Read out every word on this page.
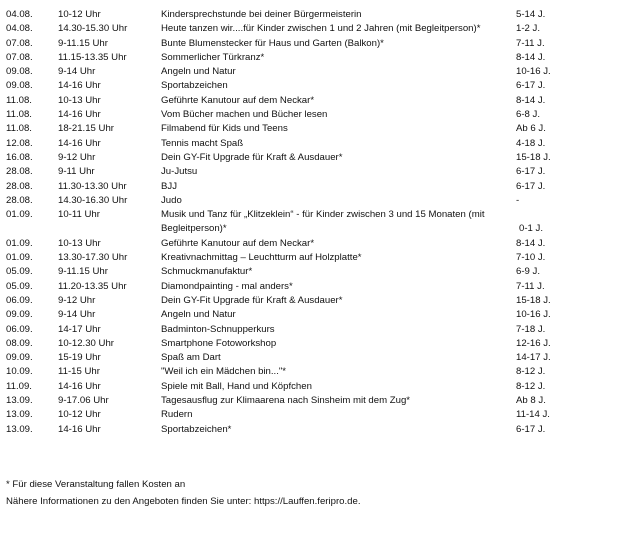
04.08.	10-12 Uhr	Kindersprechstunde bei deiner Bürgermeisterin	5-14 J.
04.08.	14.30-15.30 Uhr	Heute tanzen wir....für Kinder zwischen 1 und 2 Jahren (mit Begleitperson)*	1-2 J.
07.08.	9-11.15 Uhr	Bunte Blumenstecker für Haus und Garten (Balkon)*	7-11 J.
07.08.	11.15-13.35 Uhr	Sommerlicher Türkranz*	8-14 J.
09.08.	9-14 Uhr	Angeln und Natur	10-16 J.
09.08.	14-16 Uhr	Sportabzeichen	6-17 J.
11.08.	10-13 Uhr	Geführte Kanutour auf dem Neckar*	8-14 J.
11.08.	14-16 Uhr	Vom Bücher machen und Bücher lesen	6-8 J.
11.08.	18-21.15 Uhr	Filmabend für Kids und Teens	Ab 6 J.
12.08.	14-16 Uhr	Tennis macht Spaß	4-18 J.
16.08.	9-12 Uhr	Dein GY-Fit Upgrade für Kraft & Ausdauer*	15-18 J.
28.08.	9-11 Uhr	Ju-Jutsu	6-17 J.
28.08.	11.30-13.30 Uhr	BJJ	6-17 J.
28.08.	14.30-16.30 Uhr	Judo	-
01.09.	10-11 Uhr	Musik und Tanz für „Klitzeklein“ - für Kinder zwischen 3 und 15 Monaten (mit Begleitperson)*	0-1 J.
01.09.	10-13 Uhr	Geführte Kanutour auf dem Neckar*	8-14 J.
01.09.	13.30-17.30 Uhr	Kreativnachmittag – Leuchtturm auf Holzplatte*	7-10 J.
05.09.	9-11.15 Uhr	Schmuckmanufaktur*	6-9 J.
05.09.	11.20-13.35 Uhr	Diamondpainting - mal anders*	7-11 J.
06.09.	9-12 Uhr	Dein GY-Fit Upgrade für Kraft & Ausdauer*	15-18 J.
09.09.	9-14 Uhr	Angeln und Natur	10-16 J.
06.09.	14-17 Uhr	Badminton-Schnupperkurs	7-18 J.
08.09.	10-12.30 Uhr	Smartphone Fotoworkshop	12-16 J.
09.09.	15-19 Uhr	Spaß am Dart	14-17 J.
10.09.	11-15 Uhr	"Weil ich ein Mädchen bin..."*	8-12 J.
11.09.	14-16 Uhr	Spiele mit Ball, Hand und Köpfchen	8-12 J.
13.09.	9-17.06 Uhr	Tagesausflug zur Klimaarena nach Sinsheim mit dem Zug*	Ab 8 J.
13.09.	10-12 Uhr	Rudern	11-14 J.
13.09.	14-16 Uhr	Sportabzeichen*	6-17 J.
* Für diese Veranstaltung fallen Kosten an
Nähere Informationen zu den Angeboten finden Sie unter: https://Lauffen.feripro.de.
